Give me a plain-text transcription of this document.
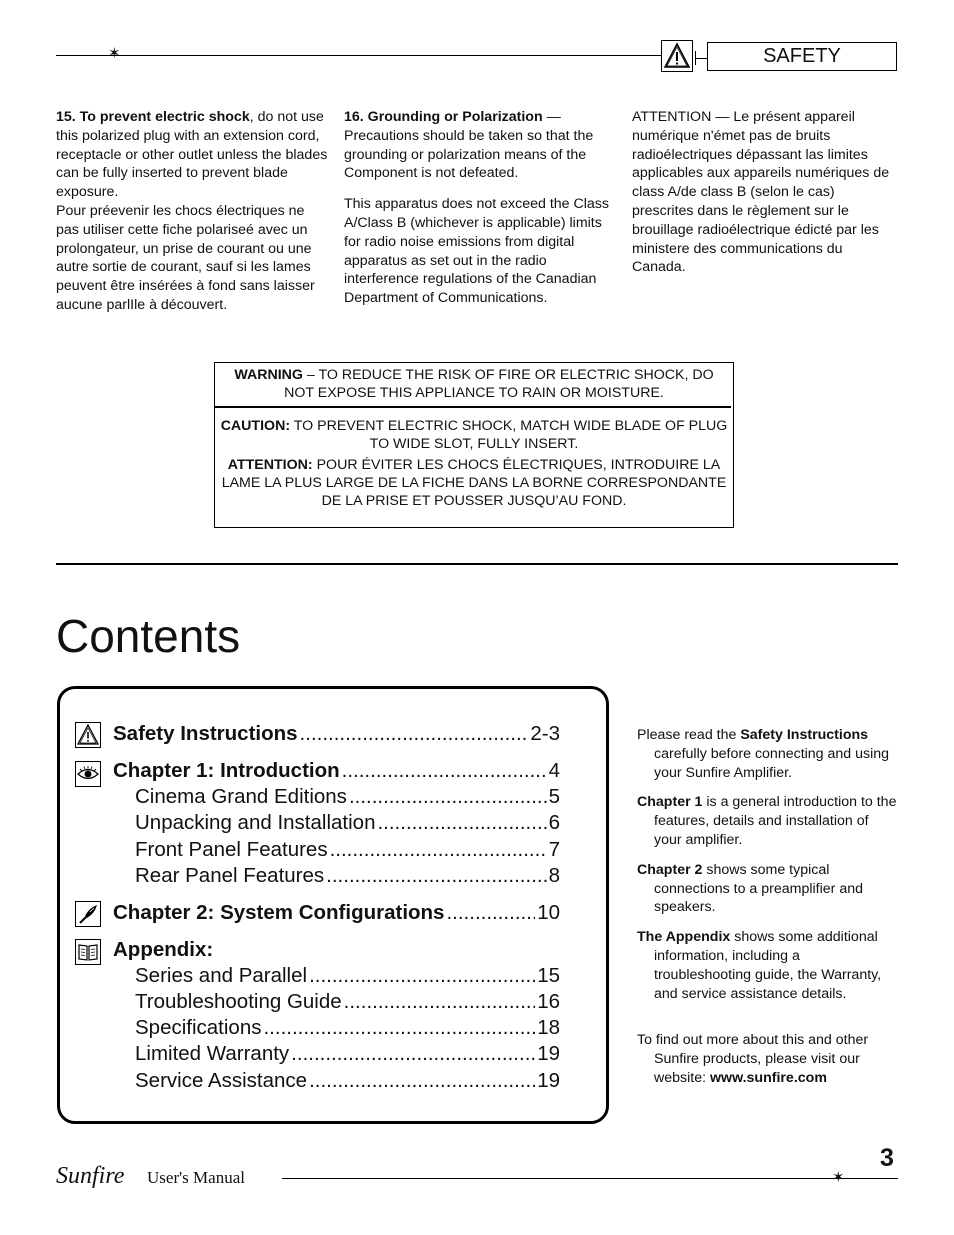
✶	SAFETY

15. To prevent electric shock, do not use this polarized plug with an extension cord, receptacle or other outlet unless the blades can be fully inserted to prevent blade exposure.

Pour préevenir les chocs électriques ne pas utiliser cette fiche polariseé avec un prolongateur, un prise de courant ou une autre sortie de courant, sauf si les lames peuvent être insérées à fond sans laisser aucune parlIle à découvert.

16. Grounding or Polarization — Precautions should be taken so that the grounding or polarization means of the Component is not defeated.

This apparatus does not exceed the Class A/Class B (whichever is applicable) limits for radio noise emissions from digital apparatus as set out in the radio interference regulations of the Canadian Department of Communications.

ATTENTION — Le présent appareil numérique n'émet pas de bruits radioélectriques dépassant las limites applicables aux appareils numériques de class A/de class B (selon le cas) prescrites dans le règlement sur le brouillage radioélectrique édicté par les ministere des communications du Canada.

WARNING – TO REDUCE THE RISK OF FIRE OR ELECTRIC SHOCK, DO NOT EXPOSE THIS APPLIANCE TO RAIN OR MOISTURE.

CAUTION: TO PREVENT ELECTRIC SHOCK, MATCH WIDE BLADE OF PLUG TO WIDE SLOT, FULLY INSERT.

ATTENTION: POUR ÉVITER LES CHOCS ÉLECTRIQUES, INTRODUIRE LA LAME LA PLUS LARGE DE LA FICHE DANS LA BORNE CORRESPONDANTE DE LA PRISE ET POUSSER JUSQU’AU FOND.

Contents
Safety Instructions .....	2-3
Chapter 1: Introduction .....	4
Cinema Grand Editions .....	5
Unpacking and Installation .....	6
Front Panel Features .....	7
Rear Panel Features .....	8
Chapter 2: System Configurations .....	10
Appendix:
Series and Parallel .....	15
Troubleshooting Guide .....	16
Specifications .....	18
Limited Warranty .....	19
Service Assistance .....	19

Please read the Safety Instructions carefully before connecting and using your Sunfire Amplifier.

Chapter 1 is a general introduction to the features, details and installation of your amplifier.

Chapter 2 shows some typical connections to a preamplifier and speakers.

The Appendix shows some additional information, including a troubleshooting guide, the Warranty, and service assistance details.

To find out more about this and other Sunfire products, please visit our website: www.sunfire.com

Sunfire User's Manual	✶
3
